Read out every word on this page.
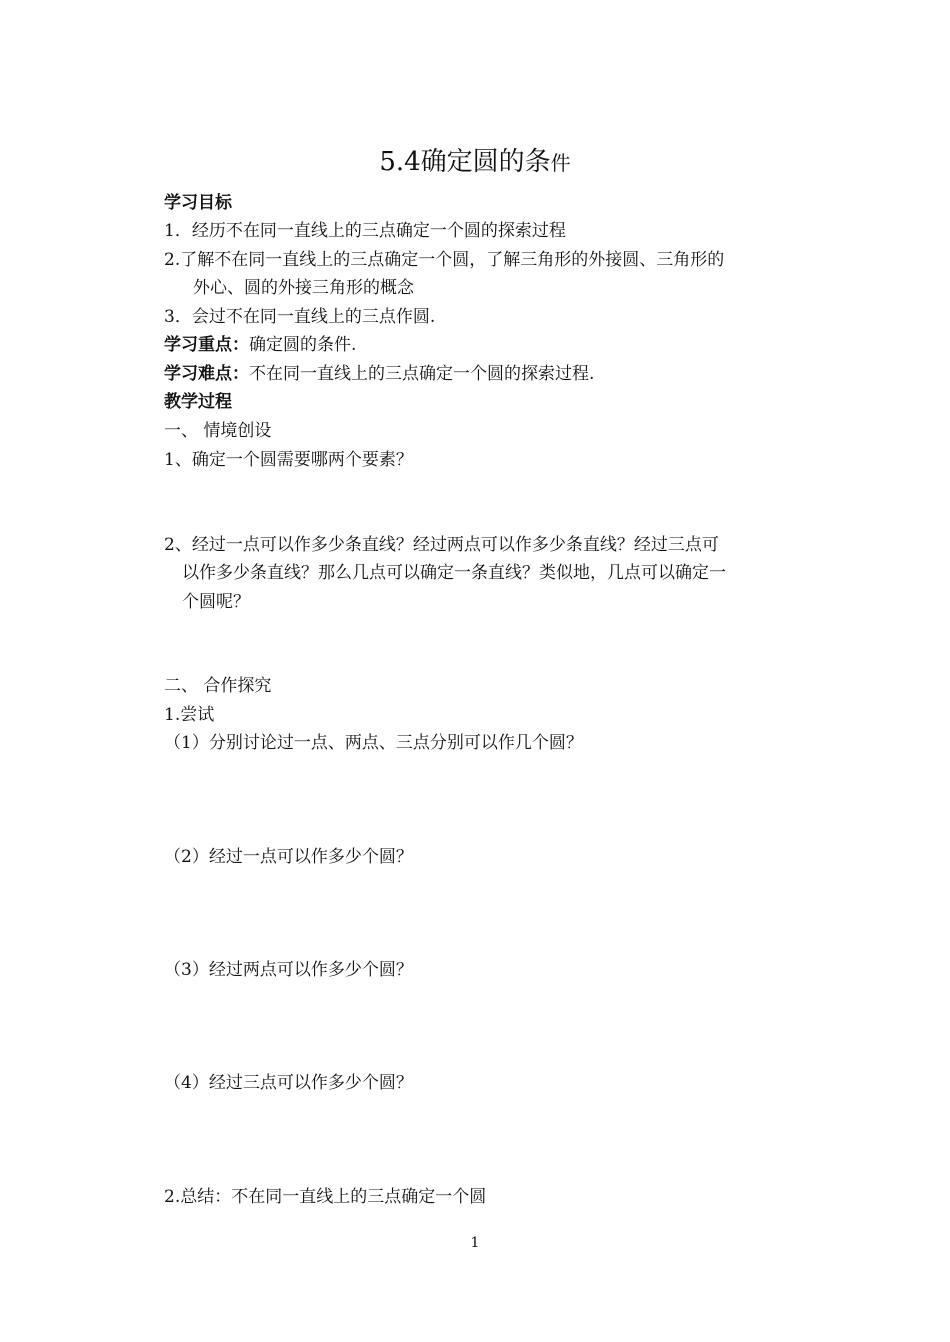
5.4确定圆的条件
学习目标
1．经历不在同一直线上的三点确定一个圆的探索过程
2.了解不在同一直线上的三点确定一个圆，了解三角形的外接圆、三角形的
外心、圆的外接三角形的概念
3．会过不在同一直线上的三点作圆.
学习重点：确定圆的条件.
学习难点：不在同一直线上的三点确定一个圆的探索过程.
教学过程
一、 情境创设
1、确定一个圆需要哪两个要素？
2、经过一点可以作多少条直线？经过两点可以作多少条直线？经过三点可
以作多少条直线？那么几点可以确定一条直线？类似地，几点可以确定一
个圆呢？
二、 合作探究
1.尝试
（1）分别讨论过一点、两点、三点分别可以作几个圆？
（2）经过一点可以作多少个圆？
（3）经过两点可以作多少个圆？
（4）经过三点可以作多少个圆？
2.总结：不在同一直线上的三点确定一个圆
1
